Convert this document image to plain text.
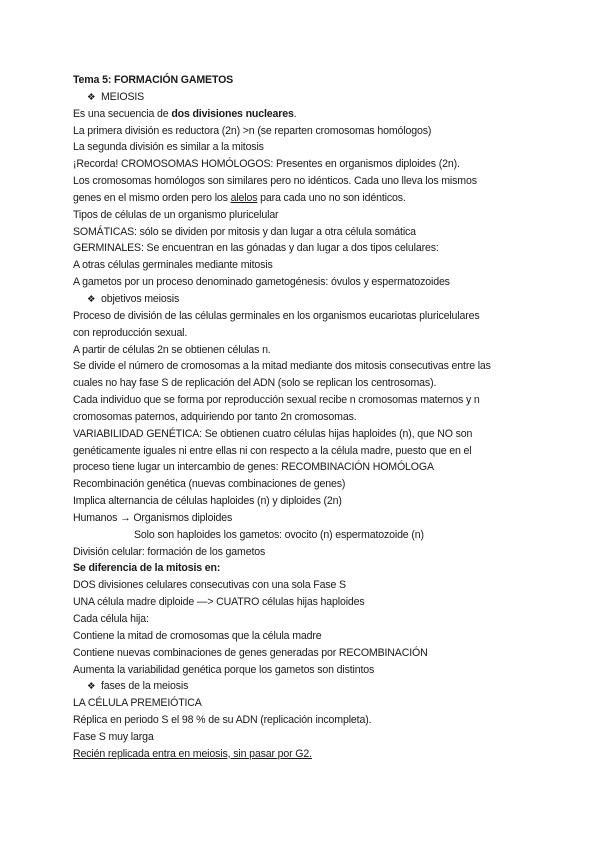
Tema 5: FORMACIÓN GAMETOS
❖ MEIOSIS
Es una secuencia de dos divisiones nucleares.
La primera división es reductora (2n) >n (se reparten cromosomas homólogos)
La segunda división es similar a la mitosis
¡Recorda! CROMOSOMAS HOMÓLOGOS: Presentes en organismos diploides (2n).
Los cromosomas homólogos son similares pero no idénticos. Cada uno lleva los mismos
genes en el mismo orden pero los alelos para cada uno no son idénticos.
Tipos de células de un organismo pluricelular
SOMÁTICAS: sólo se dividen por mitosis y dan lugar a otra célula somática
GERMINALES: Se encuentran en las gónadas y dan lugar a dos tipos celulares:
A otras células germinales mediante mitosis
A gametos por un proceso denominado gametogénesis: óvulos y espermatozoides
❖ objetivos meiosis
Proceso de división de las células germinales en los organismos eucariotas pluricelulares
con reproducción sexual.
A partir de células 2n se obtienen células n.
Se divide el número de cromosomas a la mitad mediante dos mitosis consecutivas entre las
cuales no hay fase S de replicación del ADN (solo se replican los centrosomas).
Cada individuo que se forma por reproducción sexual recibe n cromosomas maternos y n
cromosomas paternos, adquiriendo por tanto 2n cromosomas.
VARIABILIDAD GENÉTICA: Se obtienen cuatro células hijas haploides (n), que NO son
genéticamente iguales ni entre ellas ni con respecto a la célula madre, puesto que en el
proceso tiene lugar un intercambio de genes: RECOMBINACIÓN HOMÓLOGA
Recombinación genética (nuevas combinaciones de genes)
Implica alternancia de células haploides (n) y diploides (2n)
Humanos → Organismos diploides
Solo son haploides los gametos: ovocito (n) espermatozoide (n)
División celular: formación de los gametos
Se diferencia de la mitosis en:
DOS divisiones celulares consecutivas con una sola Fase S
UNA célula madre diploide —> CUATRO células hijas haploides
Cada célula hija:
Contiene la mitad de cromosomas que la célula madre
Contiene nuevas combinaciones de genes generadas por RECOMBINACIÓN
Aumenta la variabilidad genética porque los gametos son distintos
❖ fases de la meiosis
LA CÉLULA PREMEIÓTICA
Réplica en periodo S el 98 % de su ADN (replicación incompleta).
Fase S muy larga
Recién replicada entra en meiosis, sin pasar por G2.
